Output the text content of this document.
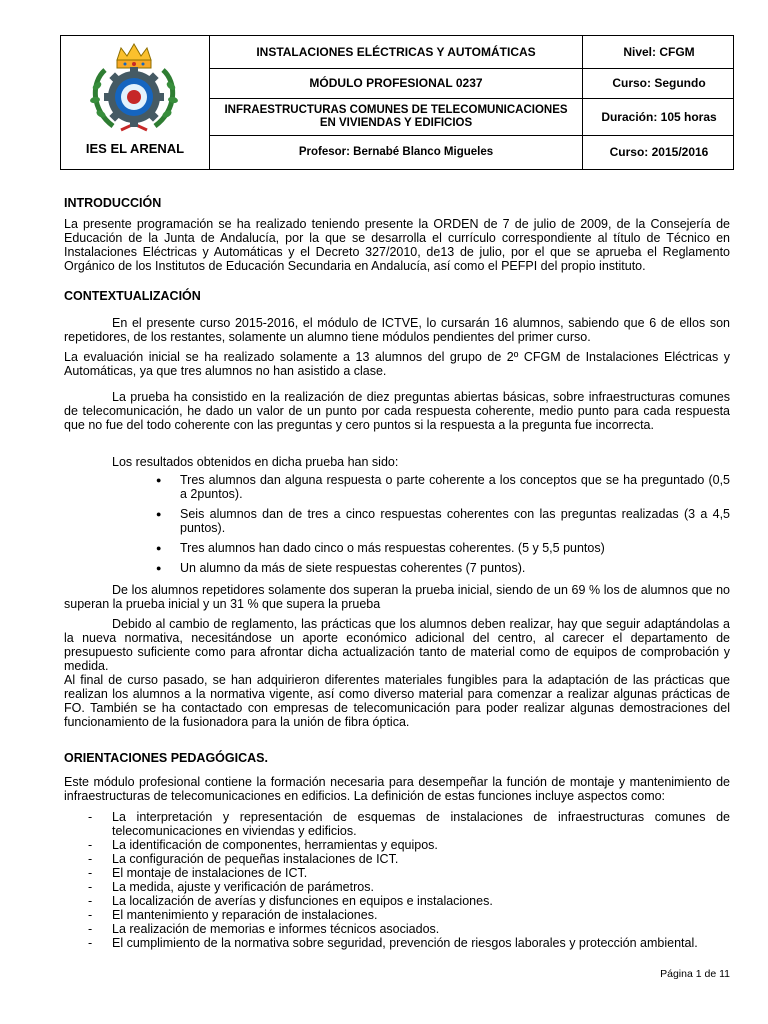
IES EL ARENAL
INSTALACIONES ELÉCTRICAS Y AUTOMÁTICAS	Nivel: CFGM
MÓDULO PROFESIONAL 0237	Curso: Segundo
INFRAESTRUCTURAS COMUNES DE TELECOMUNICACIONES
EN VIVIENDAS Y EDIFICIOS	Duración: 105 horas
Profesor: Bernabé Blanco Migueles	Curso: 2015/2016
INTRODUCCIÓN
La presente programación se ha realizado teniendo presente la ORDEN de 7 de julio de 2009, de la Consejería de Educación de la Junta de Andalucía, por la que se desarrolla el currículo correspondiente al título de Técnico en Instalaciones Eléctricas y Automáticas y el Decreto 327/2010, de13 de julio, por el que se aprueba el Reglamento Orgánico de los Institutos de Educación Secundaria en Andalucía, así como el PEFPI del propio instituto.
CONTEXTUALIZACIÓN
En el presente curso 2015-2016, el módulo de ICTVE, lo cursarán 16 alumnos, sabiendo que 6 de ellos son repetidores, de los restantes, solamente un alumno tiene módulos pendientes del primer curso.
La evaluación inicial se ha realizado solamente a 13 alumnos del grupo de 2º CFGM de Instalaciones Eléctricas y Automáticas, ya que tres alumnos no han asistido a clase.
La prueba ha consistido en la realización de diez preguntas abiertas básicas, sobre infraestructuras comunes de telecomunicación, he dado un valor de un punto por cada respuesta coherente, medio punto para cada respuesta que no fue del todo coherente con las preguntas y cero puntos si la respuesta a la pregunta fue incorrecta.
Los resultados obtenidos en dicha prueba han sido:
● Tres alumnos dan alguna respuesta o parte coherente a los conceptos que se ha preguntado (0,5 a 2puntos).
● Seis alumnos dan de tres a cinco respuestas coherentes con las preguntas realizadas (3 a 4,5 puntos).
● Tres alumnos han dado cinco o más respuestas coherentes. (5 y 5,5 puntos)
● Un alumno da más de siete respuestas coherentes (7 puntos).
De los alumnos repetidores solamente dos superan la prueba inicial, siendo de un 69 % los de alumnos que no superan la prueba inicial y un 31 % que supera la prueba
Debido al cambio de reglamento, las prácticas que los alumnos deben realizar, hay que seguir adaptándolas a la nueva normativa, necesitándose un aporte económico adicional del centro, al carecer el departamento de presupuesto suficiente como para afrontar dicha actualización tanto de material como de equipos de comprobación y medida.
Al final de curso pasado, se han adquirieron diferentes materiales fungibles para la adaptación de las prácticas que realizan los alumnos a la normativa vigente, así como diverso material para comenzar a realizar algunas prácticas de FO. También se ha contactado con empresas de telecomunicación para poder realizar algunas demostraciones del funcionamiento de la fusionadora para la unión de fibra óptica.
ORIENTACIONES PEDAGÓGICAS.
Este módulo profesional contiene la formación necesaria para desempeñar la función de montaje y mantenimiento de infraestructuras de telecomunicaciones en edificios. La definición de estas funciones incluye aspectos como:
- La interpretación y representación de esquemas de instalaciones de infraestructuras comunes de telecomunicaciones en viviendas y edificios.
- La identificación de componentes, herramientas y equipos.
- La configuración de pequeñas instalaciones de ICT.
- El montaje de instalaciones de ICT.
- La medida, ajuste y verificación de parámetros.
- La localización de averías y disfunciones en equipos e instalaciones.
- El mantenimiento y reparación de instalaciones.
- La realización de memorias e informes técnicos asociados.
- El cumplimiento de la normativa sobre seguridad, prevención de riesgos laborales y protección ambiental.
Página 1 de 11
